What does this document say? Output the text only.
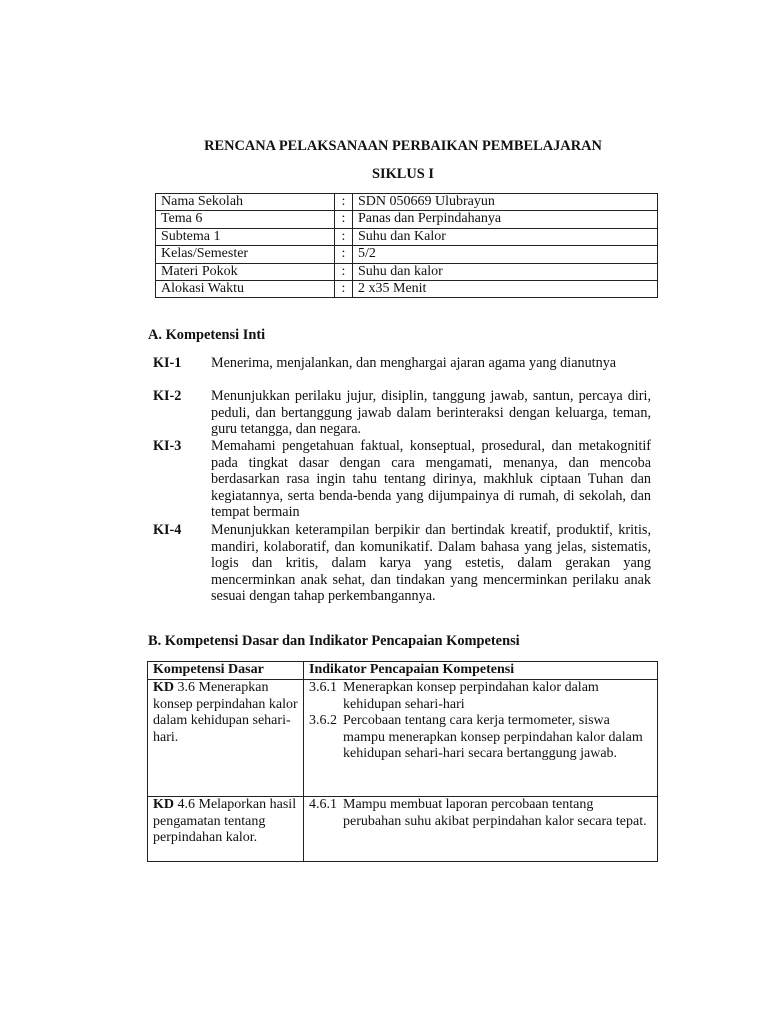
RENCANA PELAKSANAAN PERBAIKAN PEMBELAJARAN
SIKLUS I
Nama Sekolah	:	SDN 050669 Ulubrayun
Tema 6	:	Panas dan Perpindahanya
Subtema 1	:	Suhu dan Kalor
Kelas/Semester	:	5/2
Materi Pokok	:	Suhu dan kalor
Alokasi Waktu	:	2 x35 Menit
A. Kompetensi Inti
KI-1	Menerima, menjalankan, dan menghargai ajaran agama yang dianutnya
KI-2	Menunjukkan perilaku jujur, disiplin, tanggung jawab, santun, percaya diri, peduli, dan bertanggung jawab dalam berinteraksi dengan keluarga, teman, guru tetangga, dan negara.
KI-3	Memahami pengetahuan faktual, konseptual, prosedural, dan metakognitif pada tingkat dasar dengan cara mengamati, menanya, dan mencoba berdasarkan rasa ingin tahu tentang dirinya, makhluk ciptaan Tuhan dan kegiatannya, serta benda-benda yang dijumpainya di rumah, di sekolah, dan tempat bermain
KI-4	Menunjukkan keterampilan berpikir dan bertindak kreatif, produktif, kritis, mandiri, kolaboratif, dan komunikatif. Dalam bahasa yang jelas, sistematis, logis dan kritis, dalam karya yang estetis, dalam gerakan yang mencerminkan anak sehat, dan tindakan yang mencerminkan perilaku anak sesuai dengan tahap perkembangannya.
B. Kompetensi Dasar dan Indikator Pencapaian Kompetensi
Kompetensi Dasar	Indikator Pencapaian Kompetensi
KD 3.6 Menerapkan konsep perpindahan kalor dalam kehidupan sehari-hari.	3.6.1 Menerapkan konsep perpindahan kalor dalam kehidupan sehari-hari
3.6.2 Percobaan tentang cara kerja termometer, siswa mampu menerapkan konsep perpindahan kalor dalam kehidupan sehari-hari secara bertanggung jawab.

KD 4.6 Melaporkan hasil pengamatan tentang perpindahan kalor.	4.6.1 Mampu membuat laporan percobaan tentang perubahan suhu akibat perpindahan kalor secara tepat.
